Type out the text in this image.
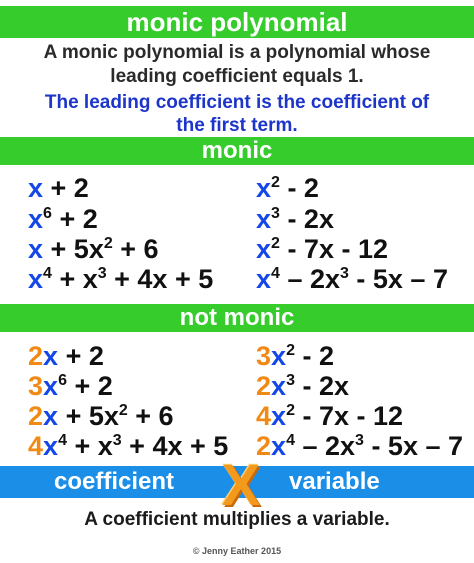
monic polynomial
A monic polynomial is a polynomial whose
leading coefficient equals 1.
The leading coefficient is the coefficient of
the first term.
monic
x + 2
$x^6 + 2$
$x + 5x^2 + 6$
$x^4 + x^3 + 4x + 5$
$x^2 - 2$
$x^3 - 2x$
$x^2 - 7x - 12$
$x^4 - 2x^3 - 5x - 7$
not monic
2x + 2
$3x^6 + 2$
$2x + 5x^2 + 6$
$4x^4 + x^3 + 4x + 5$
$3x^2 - 2$
$2x^3 - 2x$
$4x^2 - 7x - 12$
$2x^4 - 2x^3 - 5x - 7$
coefficient	variable
X
A coefficient multiplies a variable.
© Jenny Eather 2015
